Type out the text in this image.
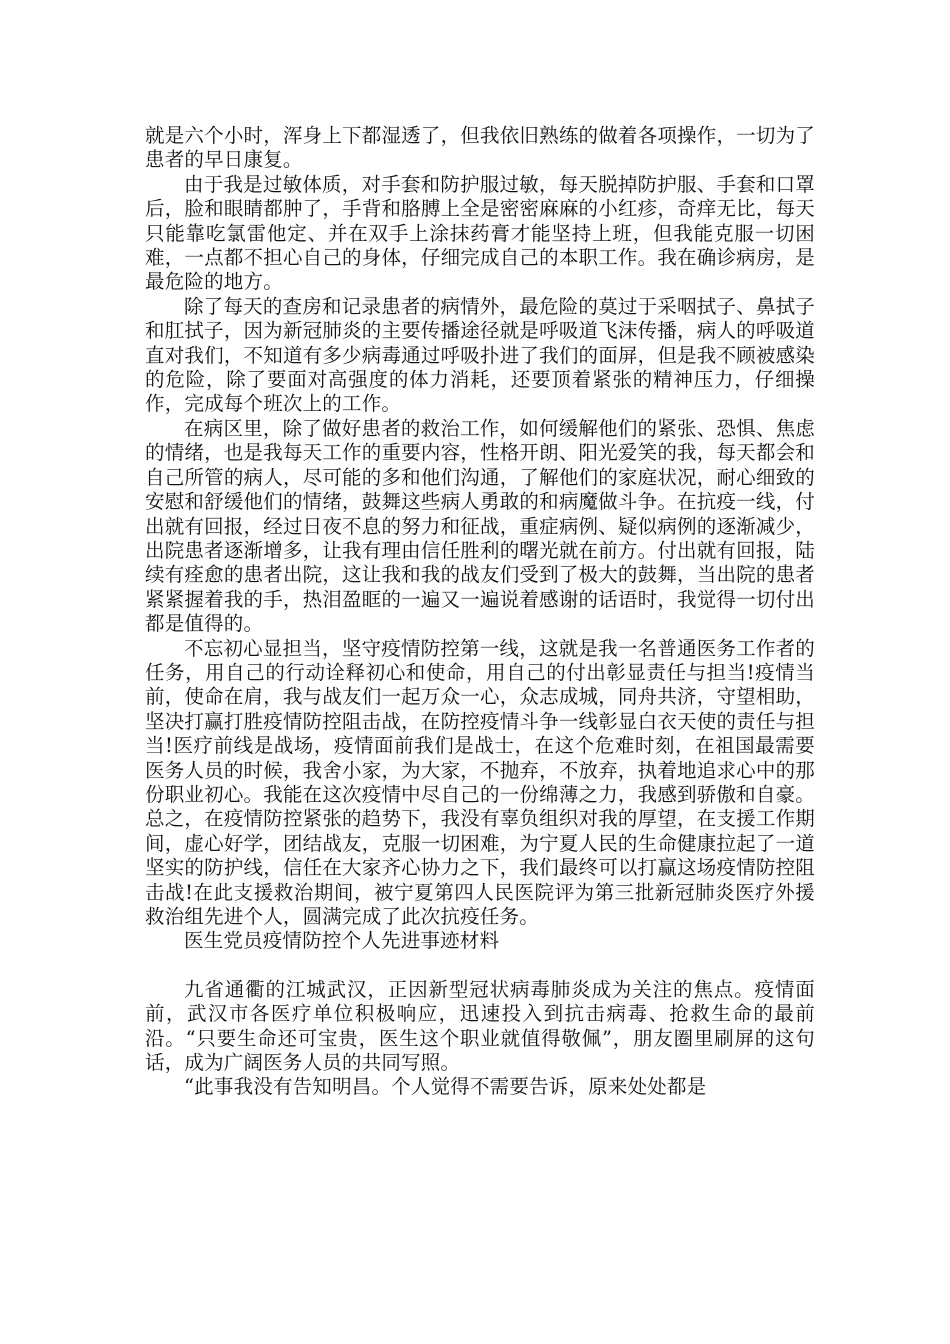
就是六个小时，浑身上下都湿透了，但我依旧熟练的做着各项操作，一切为了患者的早日康复。

由于我是过敏体质，对手套和防护服过敏，每天脱掉防护服、手套和口罩后，脸和眼睛都肿了，手背和胳膊上全是密密麻麻的小红疹，奇痒无比，每天只能靠吃氯雷他定、并在双手上涂抹药膏才能坚持上班，但我能克服一切困难，一点都不担心自己的身体，仔细完成自己的本职工作。我在确诊病房，是最危险的地方。

除了每天的查房和记录患者的病情外，最危险的莫过于采咽拭子、鼻拭子和肛拭子，因为新冠肺炎的主要传播途径就是呼吸道飞沫传播，病人的呼吸道直对我们，不知道有多少病毒通过呼吸扑进了我们的面屏，但是我不顾被感染的危险，除了要面对高强度的体力消耗，还要顶着紧张的精神压力，仔细操作，完成每个班次上的工作。

在病区里，除了做好患者的救治工作，如何缓解他们的紧张、恐惧、焦虑的情绪，也是我每天工作的重要内容，性格开朗、阳光爱笑的我，每天都会和自己所管的病人，尽可能的多和他们沟通，了解他们的家庭状况，耐心细致的安慰和舒缓他们的情绪，鼓舞这些病人勇敢的和病魔做斗争。在抗疫一线，付出就有回报，经过日夜不息的努力和征战，重症病例、疑似病例的逐渐减少，出院患者逐渐增多，让我有理由信任胜利的曙光就在前方。付出就有回报，陆续有痊愈的患者出院，这让我和我的战友们受到了极大的鼓舞，当出院的患者紧紧握着我的手，热泪盈眶的一遍又一遍说着感谢的话语时，我觉得一切付出都是值得的。

不忘初心显担当，坚守疫情防控第一线，这就是我一名普通医务工作者的任务，用自己的行动诠释初心和使命，用自己的付出彰显责任与担当!疫情当前，使命在肩，我与战友们一起万众一心，众志成城，同舟共济，守望相助，坚决打赢打胜疫情防控阻击战，在防控疫情斗争一线彰显白衣天使的责任与担当!医疗前线是战场，疫情面前我们是战士，在这个危难时刻，在祖国最需要医务人员的时候，我舍小家，为大家，不抛弃，不放弃，执着地追求心中的那份职业初心。我能在这次疫情中尽自己的一份绵薄之力，我感到骄傲和自豪。总之，在疫情防控紧张的趋势下，我没有辜负组织对我的厚望，在支援工作期间，虚心好学，团结战友，克服一切困难，为宁夏人民的生命健康拉起了一道坚实的防护线，信任在大家齐心协力之下，我们最终可以打赢这场疫情防控阻击战!在此支援救治期间，被宁夏第四人民医院评为第三批新冠肺炎医疗外援救治组先进个人，圆满完成了此次抗疫任务。

医生党员疫情防控个人先进事迹材料

九省通衢的江城武汉，正因新型冠状病毒肺炎成为关注的焦点。疫情面前，武汉市各医疗单位积极响应，迅速投入到抗击病毒、抢救生命的最前沿。“只要生命还可宝贵，医生这个职业就值得敬佩”，朋友圈里刷屏的这句话，成为广阔医务人员的共同写照。

“此事我没有告知明昌。个人觉得不需要告诉，原来处处都是
